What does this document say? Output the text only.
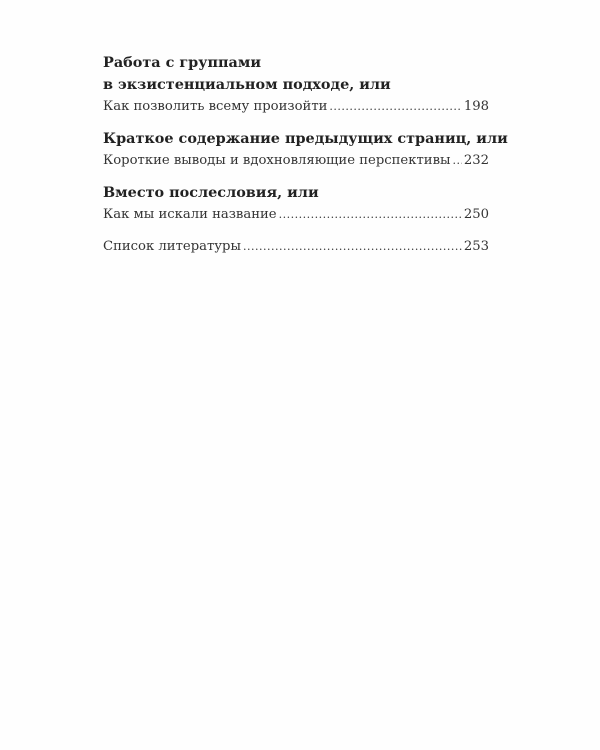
Работа с группами
в экзистенциальном подходе, или
Как позволить всему произойти .....	198
Краткое содержание предыдущих страниц, или
Короткие выводы и вдохновляющие перспективы ..... 232
Вместо послесловия, или
Как мы искали название .....	250
Список литературы .....	253
